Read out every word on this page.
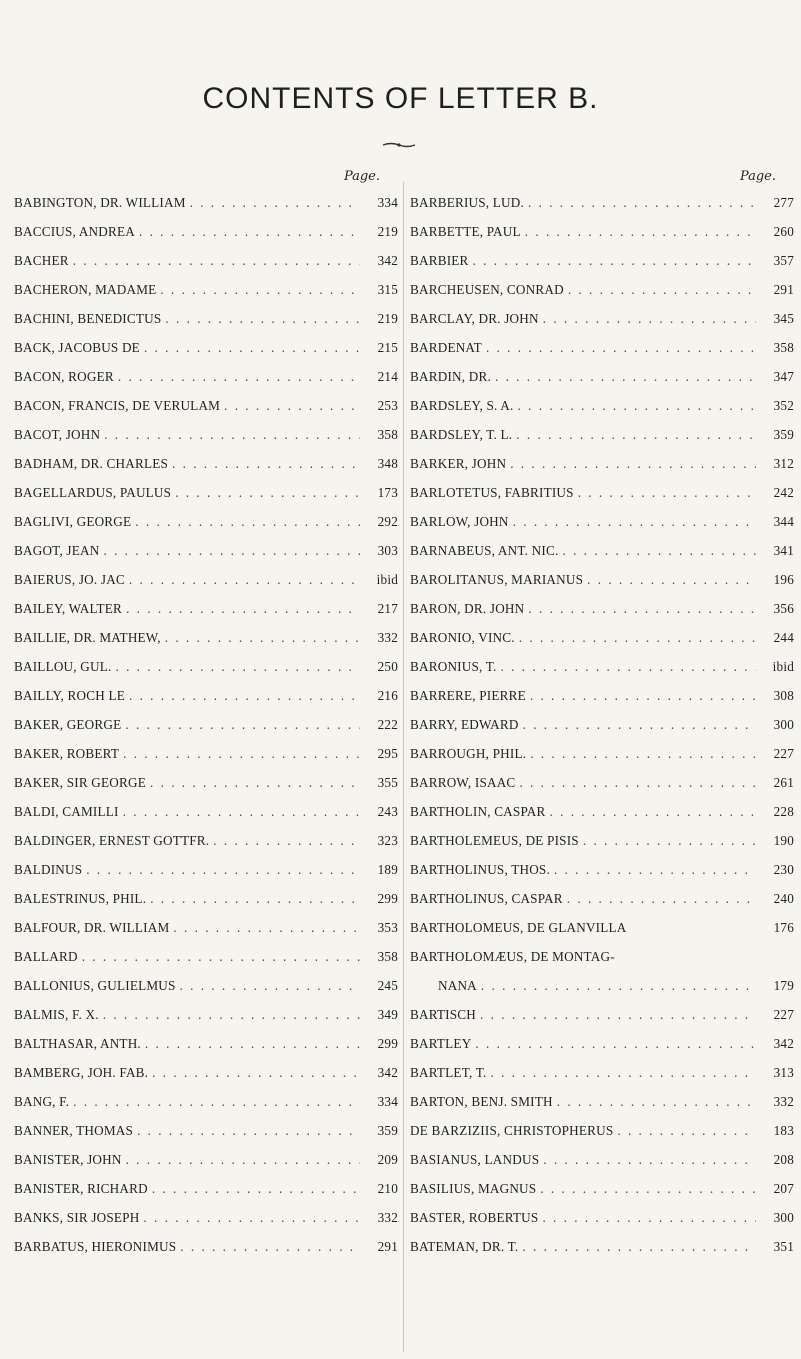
CONTENTS OF LETTER B.
Page.
BABINGTON, DR. WILLIAM . . .	334
BACCIUS, ANDREA . . .	219
BACHER . . .	342
BACHERON, MADAME . . .	315
BACHINI, BENEDICTUS . . .	219
BACK, JACOBUS DE . . .	215
BACON, ROGER . . .	214
BACON, FRANCIS, DE VERULAM . . .	253
BACOT, JOHN . . .	358
BADHAM, DR. CHARLES . . .	348
BAGELLARDUS, PAULUS . . .	173
BAGLIVI, GEORGE . . .	292
BAGOT, JEAN . . .	303
BAIERUS, JO. JAC . . .	ibid
BAILEY, WALTER . . .	217
BAILLIE, DR. MATHEW, . . .	332
BAILLOU, GUL. . . .	250
BAILLY, ROCH LE . . .	216
BAKER, GEORGE . . .	222
BAKER, ROBERT . . .	295
BAKER, SIR GEORGE . . .	355
BALDI, CAMILLI . . .	243
BALDINGER, ERNEST GOTTFR. . . .	323
BALDINUS . . .	189
BALESTRINUS, PHIL. . . .	299
BALFOUR, DR. WILLIAM . . .	353
BALLARD . . .	358
BALLONIUS, GULIELMUS . . .	245
BALMIS, F. X. . . .	349
BALTHASAR, ANTH. . . .	299
BAMBERG, JOH. FAB. . . .	342
BANG, F. . . .	334
BANNER, THOMAS . . .	359
BANISTER, JOHN . . .	209
BANISTER, RICHARD . . .	210
BANKS, SIR JOSEPH . . .	332
BARBATUS, HIERONIMUS . . .	291
Page.
BARBERIUS, LUD. . . .	277
BARBETTE, PAUL . . .	260
BARBIER . . .	357
BARCHEUSEN, CONRAD . . .	291
BARCLAY, DR. JOHN . . .	345
BARDENAT . . .	358
BARDIN, DR. . . .	347
BARDSLEY, S. A. . . .	352
BARDSLEY, T. L. . . .	359
BARKER, JOHN . . .	312
BARLOTETUS, FABRITIUS . . .	242
BARLOW, JOHN . . .	344
BARNABEUS, ANT. NIC. . . .	341
BAROLITANUS, MARIANUS . . .	196
BARON, DR. JOHN . . .	356
BARONIO, VINC. . . .	244
BARONIUS, T. . . .	ibid
BARRERE, PIERRE . . .	308
BARRY, EDWARD . . .	300
BARROUGH, PHIL. . . .	227
BARROW, ISAAC . . .	261
BARTHOLIN, CASPAR . . .	228
BARTHOLEMEUS, DE PISIS . . .	190
BARTHOLINUS, THOS. . . .	230
BARTHOLINUS, CASPAR . . .	240
BARTHOLOMEUS, DE GLANVILLA	176
BARTHOLOMÆUS, DE MONTAG-
NANA . . .	179
BARTISCH . . .	227
BARTLEY . . .	342
BARTLET, T. . . .	313
BARTON, BENJ. SMITH . . .	332
DE BARZIZIIS, CHRISTOPHERUS . . .	183
BASIANUS, LANDUS . . .	208
BASILIUS, MAGNUS . . .	207
BASTER, ROBERTUS . . .	300
BATEMAN, DR. T. . . .	351
